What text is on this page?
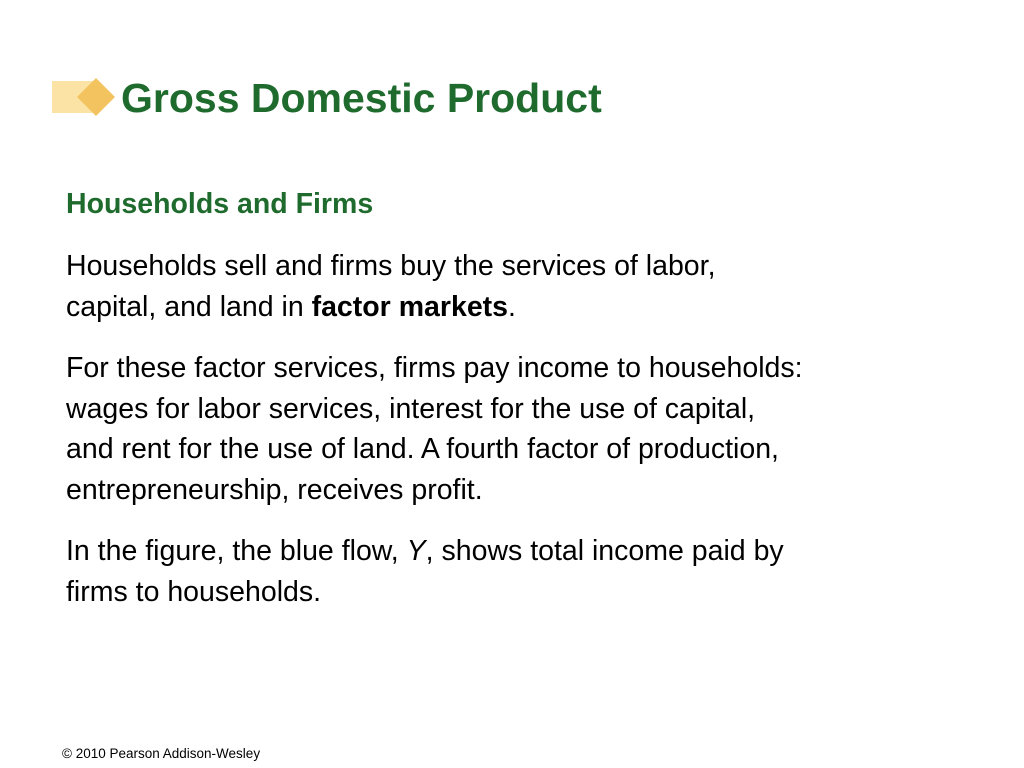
Gross Domestic Product

Households and Firms

Households sell and firms buy the services of labor,
capital, and land in factor markets.

For these factor services, firms pay income to households:
wages for labor services, interest for the use of capital,
and rent for the use of land. A fourth factor of production,
entrepreneurship, receives profit.

In the figure, the blue flow, Y, shows total income paid by
firms to households.

© 2010 Pearson Addison-Wesley
